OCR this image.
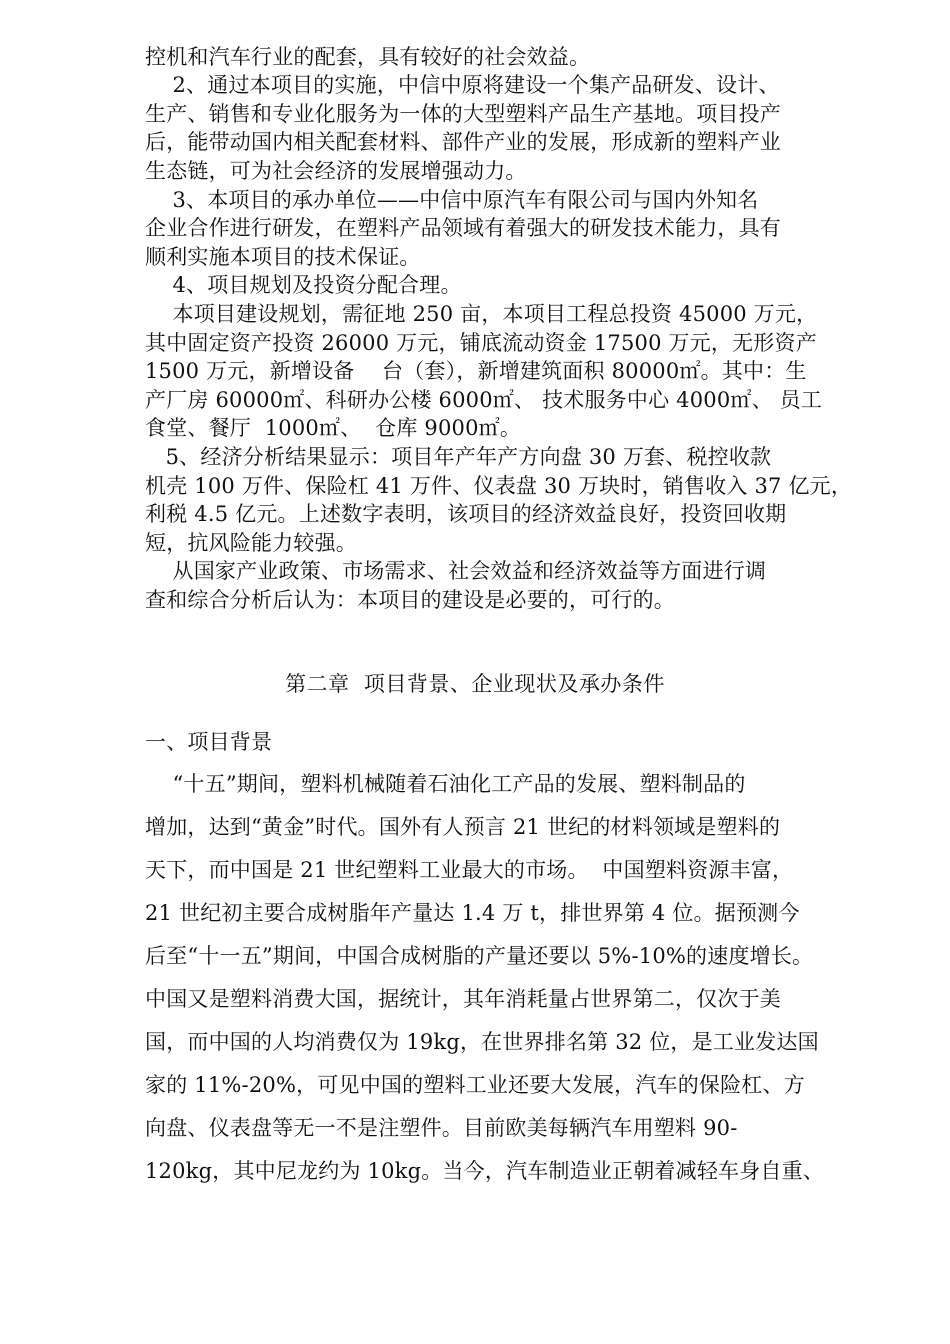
控机和汽车行业的配套，具有较好的社会效益。
2、通过本项目的实施，中信中原将建设一个集产品研发、设计、
生产、销售和专业化服务为一体的大型塑料产品生产基地。项目投产
后，能带动国内相关配套材料、部件产业的发展，形成新的塑料产业
生态链，可为社会经济的发展增强动力。
3、本项目的承办单位——中信中原汽车有限公司与国内外知名
企业合作进行研发，在塑料产品领域有着强大的研发技术能力，具有
顺利实施本项目的技术保证。
4、项目规划及投资分配合理。
本项目建设规划，需征地 250 亩，本项目工程总投资 45000 万元，
其中固定资产投资 26000 万元，铺底流动资金 17500 万元，无形资产
1500 万元，新增设备    台（套），新增建筑面积 80000㎡。其中：生
产厂房 60000㎡、科研办公楼 6000㎡、 技术服务中心 4000㎡、 员工
食堂、餐厅  1000㎡、  仓库 9000㎡。
5、经济分析结果显示：项目年产年产方向盘 30 万套、税控收款
机壳 100 万件、保险杠 41 万件、仪表盘 30 万块时，销售收入 37 亿元，
利税 4.5 亿元。上述数字表明，该项目的经济效益良好，投资回收期
短，抗风险能力较强。
从国家产业政策、市场需求、社会效益和经济效益等方面进行调
查和综合分析后认为：本项目的建设是必要的，可行的。
第二章  项目背景、企业现状及承办条件
一、项目背景
“十五”期间，塑料机械随着石油化工产品的发展、塑料制品的
增加，达到“黄金”时代。国外有人预言 21 世纪的材料领域是塑料的
天下，而中国是 21 世纪塑料工业最大的市场。  中国塑料资源丰富，
21 世纪初主要合成树脂年产量达 1.4 万 t，排世界第 4 位。据预测今
后至“十一五”期间，中国合成树脂的产量还要以 5%-10%的速度增长。
中国又是塑料消费大国，据统计，其年消耗量占世界第二，仅次于美
国，而中国的人均消费仅为 19kg，在世界排名第 32 位，是工业发达国
家的 11%-20%，可见中国的塑料工业还要大发展，汽车的保险杠、方
向盘、仪表盘等无一不是注塑件。目前欧美每辆汽车用塑料 90-
120kg，其中尼龙约为 10kg。当今，汽车制造业正朝着减轻车身自重、
